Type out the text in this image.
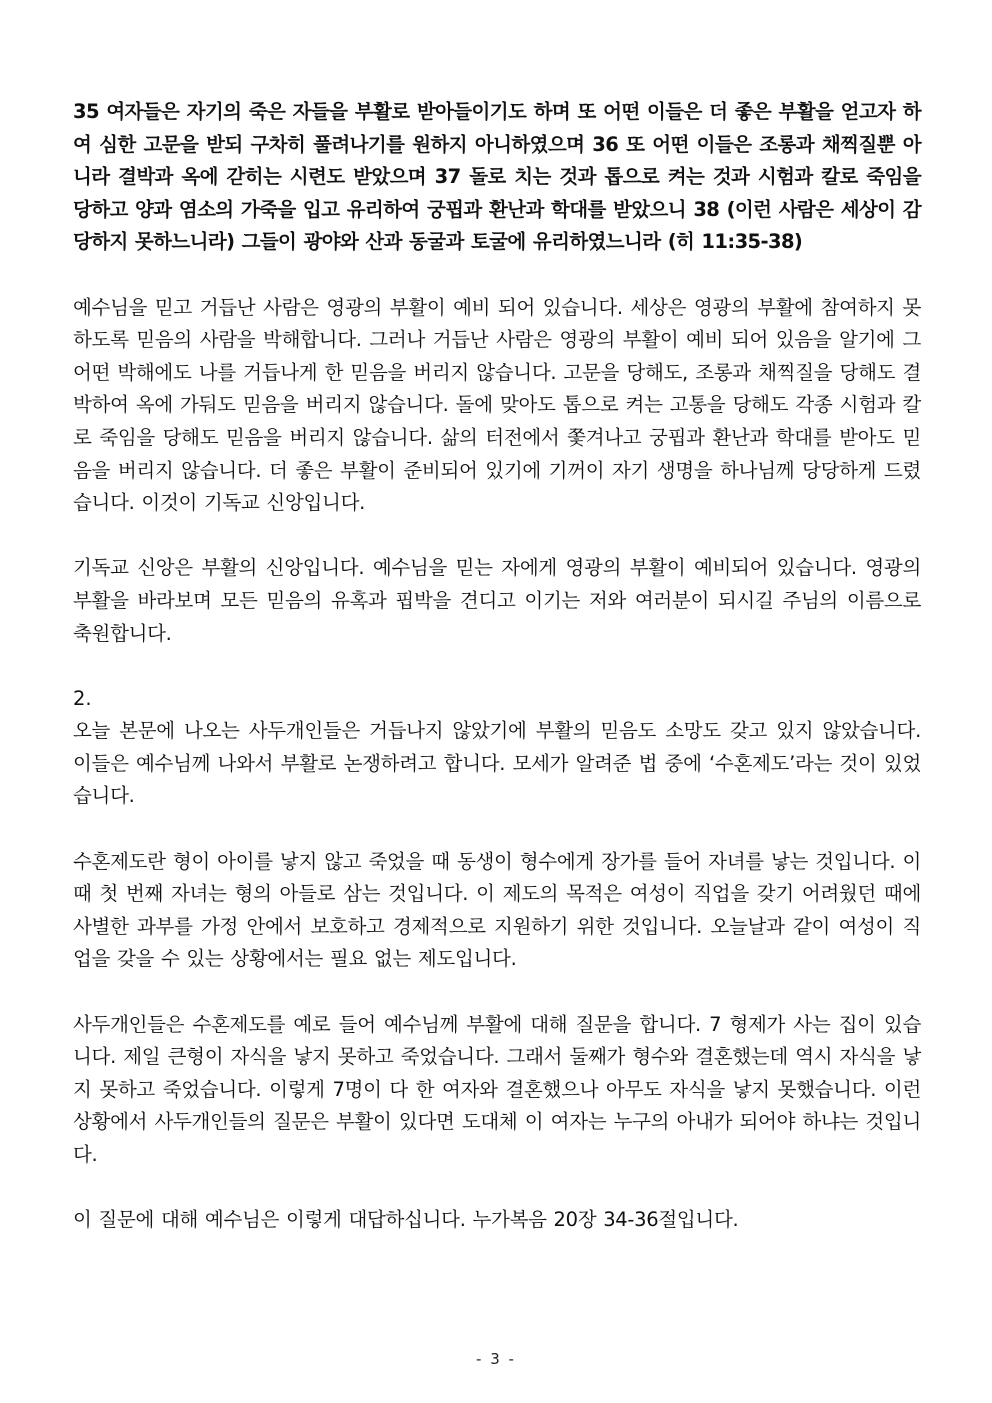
35 여자들은 자기의 죽은 자들을 부활로 받아들이기도 하며 또 어떤 이들은 더 좋은 부활을 얻고자 하여 심한 고문을 받되 구차히 풀려나기를 원하지 아니하였으며 36 또 어떤 이들은 조롱과 채찍질뿐 아니라 결박과 옥에 갇히는 시련도 받았으며 37 돌로 치는 것과 톱으로 켜는 것과 시험과 칼로 죽임을 당하고 양과 염소의 가죽을 입고 유리하여 궁핍과 환난과 학대를 받았으니 38 (이런 사람은 세상이 감당하지 못하느니라) 그들이 광야와 산과 동굴과 토굴에 유리하였느니라 (히 11:35-38)

예수님을 믿고 거듭난 사람은 영광의 부활이 예비 되어 있습니다. 세상은 영광의 부활에 참여하지 못하도록 믿음의 사람을 박해합니다. 그러나 거듭난 사람은 영광의 부활이 예비 되어 있음을 알기에 그 어떤 박해에도 나를 거듭나게 한 믿음을 버리지 않습니다. 고문을 당해도, 조롱과 채찍질을 당해도 결박하여 옥에 가둬도 믿음을 버리지 않습니다. 돌에 맞아도 톱으로 켜는 고통을 당해도 각종 시험과 칼로 죽임을 당해도 믿음을 버리지 않습니다. 삶의 터전에서 쫓겨나고 궁핍과 환난과 학대를 받아도 믿음을 버리지 않습니다. 더 좋은 부활이 준비되어 있기에 기꺼이 자기 생명을 하나님께 당당하게 드렸습니다. 이것이 기독교 신앙입니다.

기독교 신앙은 부활의 신앙입니다. 예수님을 믿는 자에게 영광의 부활이 예비되어 있습니다. 영광의 부활을 바라보며 모든 믿음의 유혹과 핍박을 견디고 이기는 저와 여러분이 되시길 주님의 이름으로 축원합니다.

2.

오늘 본문에 나오는 사두개인들은 거듭나지 않았기에 부활의 믿음도 소망도 갖고 있지 않았습니다. 이들은 예수님께 나와서 부활로 논쟁하려고 합니다. 모세가 알려준 법 중에 ‘수혼제도’라는 것이 있었습니다.

수혼제도란 형이 아이를 낳지 않고 죽었을 때 동생이 형수에게 장가를 들어 자녀를 낳는 것입니다. 이때 첫 번째 자녀는 형의 아들로 삼는 것입니다. 이 제도의 목적은 여성이 직업을 갖기 어려웠던 때에 사별한 과부를 가정 안에서 보호하고 경제적으로 지원하기 위한 것입니다. 오늘날과 같이 여성이 직업을 갖을 수 있는 상황에서는 필요 없는 제도입니다.

사두개인들은 수혼제도를 예로 들어 예수님께 부활에 대해 질문을 합니다. 7 형제가 사는 집이 있습니다. 제일 큰형이 자식을 낳지 못하고 죽었습니다. 그래서 둘째가 형수와 결혼했는데 역시 자식을 낳지 못하고 죽었습니다. 이렇게 7명이 다 한 여자와 결혼했으나 아무도 자식을 낳지 못했습니다. 이런 상황에서 사두개인들의 질문은 부활이 있다면 도대체 이 여자는 누구의 아내가 되어야 하냐는 것입니다.

이 질문에 대해 예수님은 이렇게 대답하십니다. 누가복음 20장 34-36절입니다.

- 3 -
